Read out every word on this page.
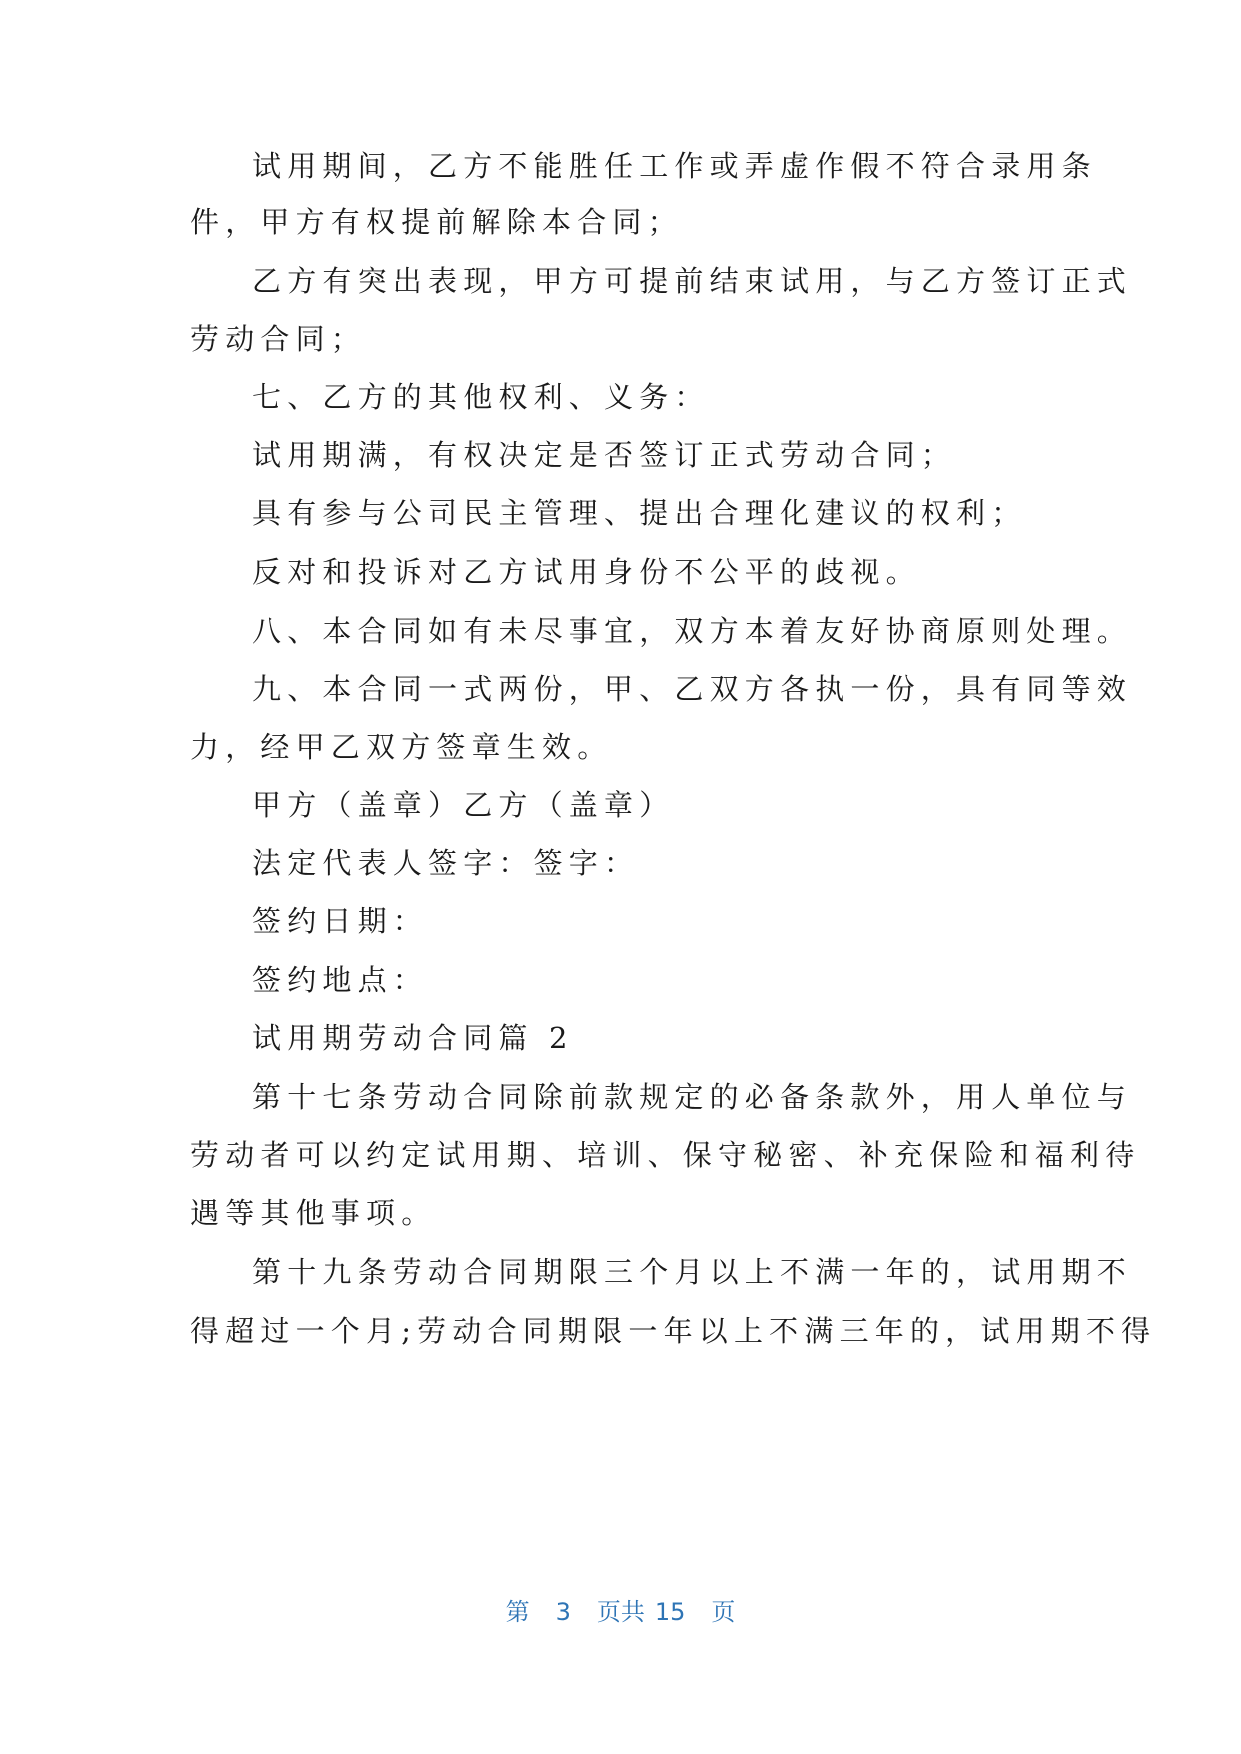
试用期间，乙方不能胜任工作或弄虚作假不符合录用条
件，甲方有权提前解除本合同；
乙方有突出表现，甲方可提前结束试用，与乙方签订正式
劳动合同；
七、乙方的其他权利、义务：
试用期满，有权决定是否签订正式劳动合同；
具有参与公司民主管理、提出合理化建议的权利；
反对和投诉对乙方试用身份不公平的歧视。
八、本合同如有未尽事宜，双方本着友好协商原则处理。
九、本合同一式两份，甲、乙双方各执一份，具有同等效
力，经甲乙双方签章生效。
甲方（盖章）乙方（盖章）
法定代表人签字：签字：
签约日期：
签约地点：
试用期劳动合同篇 2
第十七条劳动合同除前款规定的必备条款外，用人单位与
劳动者可以约定试用期、培训、保守秘密、补充保险和福利待
遇等其他事项。
第十九条劳动合同期限三个月以上不满一年的，试用期不
得超过一个月;劳动合同期限一年以上不满三年的，试用期不得
第 3 页共 15 页
